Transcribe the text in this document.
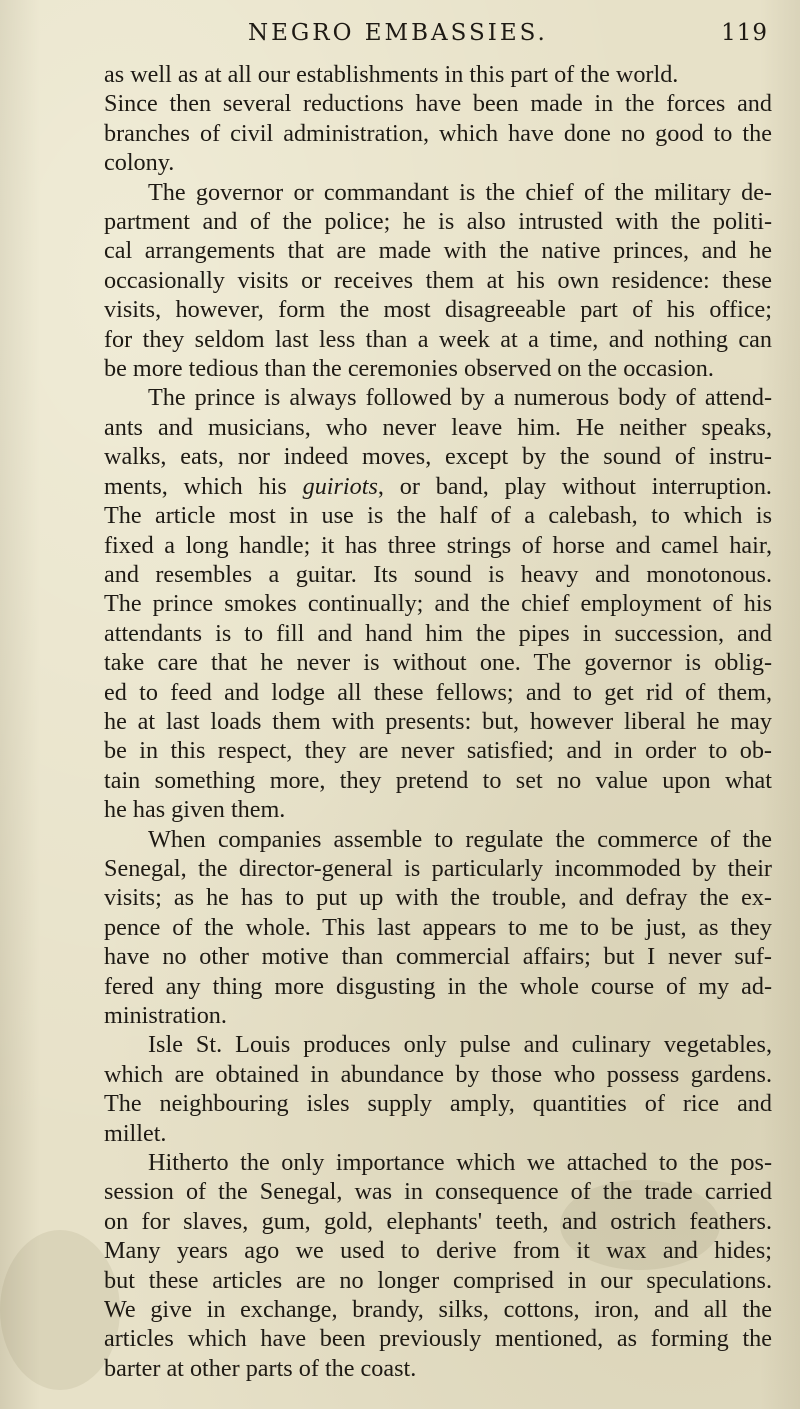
NEGRO EMBASSIES.	119
as well as at all our establishments in this part of the world.
Since then several reductions have been made in the forces and
branches of civil administration, which have done no good to the
colony.
The governor or commandant is the chief of the military de-
partment and of the police; he is also intrusted with the politi-
cal arrangements that are made with the native princes, and he
occasionally visits or receives them at his own residence: these
visits, however, form the most disagreeable part of his office;
for they seldom last less than a week at a time, and nothing can
be more tedious than the ceremonies observed on the occasion.
The prince is always followed by a numerous body of attend-
ants and musicians, who never leave him. He neither speaks,
walks, eats, nor indeed moves, except by the sound of instru-
ments, which his guiriots, or band, play without interruption.
The article most in use is the half of a calebash, to which is
fixed a long handle; it has three strings of horse and camel hair,
and resembles a guitar. Its sound is heavy and monotonous.
The prince smokes continually; and the chief employment of his
attendants is to fill and hand him the pipes in succession, and
take care that he never is without one. The governor is oblig-
ed to feed and lodge all these fellows; and to get rid of them,
he at last loads them with presents: but, however liberal he may
be in this respect, they are never satisfied; and in order to ob-
tain something more, they pretend to set no value upon what
he has given them.
When companies assemble to regulate the commerce of the
Senegal, the director-general is particularly incommoded by their
visits; as he has to put up with the trouble, and defray the ex-
pence of the whole. This last appears to me to be just, as they
have no other motive than commercial affairs; but I never suf-
fered any thing more disgusting in the whole course of my ad-
ministration.
Isle St. Louis produces only pulse and culinary vegetables,
which are obtained in abundance by those who possess gardens.
The neighbouring isles supply amply, quantities of rice and
millet.
Hitherto the only importance which we attached to the pos-
session of the Senegal, was in consequence of the trade carried
on for slaves, gum, gold, elephants' teeth, and ostrich feathers.
Many years ago we used to derive from it wax and hides;
but these articles are no longer comprised in our speculations.
We give in exchange, brandy, silks, cottons, iron, and all the
articles which have been previously mentioned, as forming the
barter at other parts of the coast.
